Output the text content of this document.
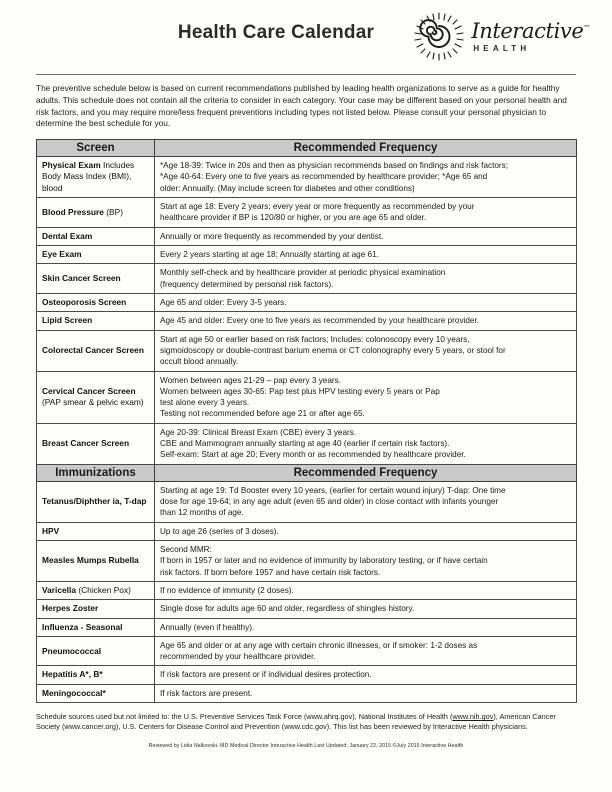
Health Care Calendar	Interactive™
HEALTH
The preventive schedule below is based on current recommendations published by leading health organizations to serve as a guide for healthy adults. This schedule does not contain all the criteria to consider in each category. Your case may be different based on your personal health and risk factors, and you may require more/less frequent preventions including types not listed below. Please consult your personal physician to determine the best schedule for you.
Screen	Recommended Frequency
Physical Exam Includes Body Mass Index (BMI), blood	*Age 18-39: Twice in 20s and then as physician recommends based on findings and risk factors;
*Age 40-64: Every one to five years as recommended by healthcare provider; *Age 65 and
older: Annually. (May include screen for diabetes and other conditions)

Blood Pressure (BP)	Start at age 18: Every 2 years; every year or more frequently as recommended by your
healthcare provider if BP is 120/80 or higher, or you are age 65 and older.

Dental Exam	Annually or more frequently as recommended by your dentist.

Eye Exam	Every 2 years starting at age 18; Annually starting at age 61.

Skin Cancer Screen	Monthly self-check and by healthcare provider at periodic physical examination
(frequency determined by personal risk factors).

Osteoporosis Screen	Age 65 and older: Every 3-5 years.

Lipid Screen	Age 45 and older: Every one to five years as recommended by your healthcare provider.

Colorectal Cancer Screen	Start at age 50 or earlier based on risk factors; Includes: colonoscopy every 10 years,
sigmoidoscopy or double-contrast barium enema or CT colonography every 5 years, or stool for
occult blood annually.

Cervical Cancer Screen (PAP smear & pelvic exam)	Women between ages 21-29 – pap every 3 years.
Women between ages 30-65: Pap test plus HPV testing every 5 years or Pap
test alone every 3 years.
Testing not recommended before age 21 or after age 65.

Breast Cancer Screen	Age 20-39: Clinical Breast Exam (CBE) every 3 years.
CBE and Mammogram annually starting at age 40 (earlier if certain risk factors).
Self-exam: Start at age 20; Every month or as recommended by healthcare provider.

Immunizations	Recommended Frequency
Tetanus/Diphther ia, T-dap	Starting at age 19: Td Booster every 10 years, (earlier for certain wound injury) T-dap: One time
dose for age 19-64; in any age adult (even 65 and older) in close contact with infants younger
than 12 months of age.

HPV	Up to age 26 (series of 3 doses).

Measles Mumps Rubella	Second MMR:
If born in 1957 or later and no evidence of immunity by laboratory testing, or if have certain
risk factors. If born before 1957 and have certain risk factors.

Varicella (Chicken Pox)	If no evidence of immunity (2 doses).

Herpes Zoster	Single dose for adults age 60 and older, regardless of shingles history.

Influenza - Seasonal	Annually (even if healthy).

Pneumococcal	Age 65 and older or at any age with certain chronic illnesses, or if smoker: 1-2 doses as
recommended by your healthcare provider.

Hepatitis A*, B*	If risk factors are present or if individual desires protection.

Meningococcal*	If risk factors are present.
Schedule sources used but not limited to: the U.S. Preventive Services Task Force (www.ahrq.gov), National Institutes of Health (www.nih.gov), American Cancer Society (www.cancer.org), U.S. Centers for Disease Control and Prevention (www.cdc.gov). This list has been reviewed by Interactive Health physicians.
Reviewed by Lidia Nalkovski, MD Medical Director Interactive Health Last Updated: January 22, 2015 ©July 2015 Interactive Health
